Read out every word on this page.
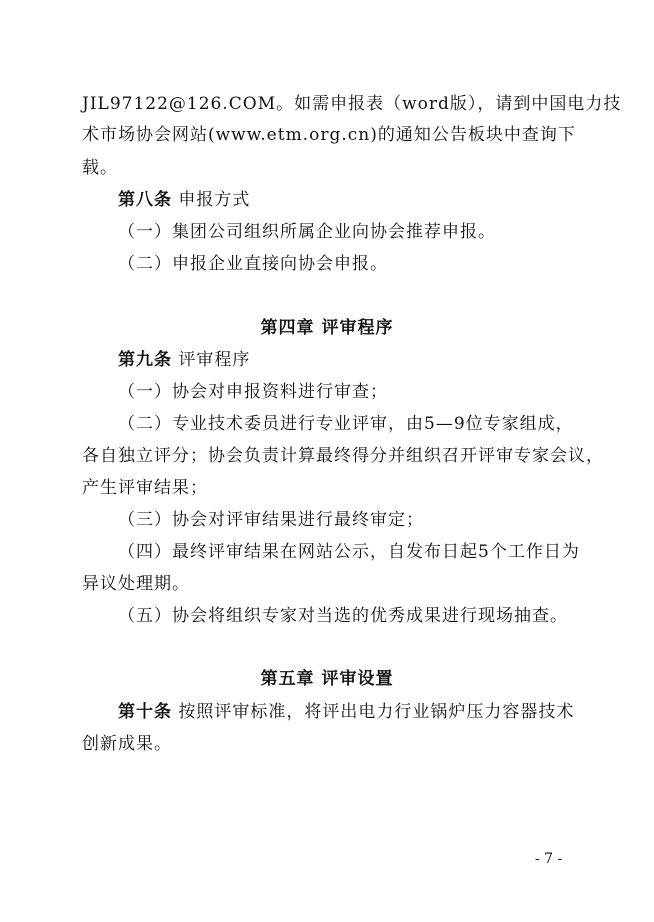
JIL97122@126.COM。如需申报表（word版），请到中国电力技
术市场协会网站(www.etm.org.cn)的通知公告板块中查询下
载。
第八条 申报方式
（一）集团公司组织所属企业向协会推荐申报。
（二）申报企业直接向协会申报。
第四章 评审程序
第九条 评审程序
（一）协会对申报资料进行审查；
（二）专业技术委员进行专业评审，由5—9位专家组成，
各自独立评分；协会负责计算最终得分并组织召开评审专家会议，
产生评审结果；
（三）协会对评审结果进行最终审定；
（四）最终评审结果在网站公示，自发布日起5个工作日为
异议处理期。
（五）协会将组织专家对当选的优秀成果进行现场抽查。
第五章 评审设置
第十条 按照评审标准，将评出电力行业锅炉压力容器技术
创新成果。
- 7 -
